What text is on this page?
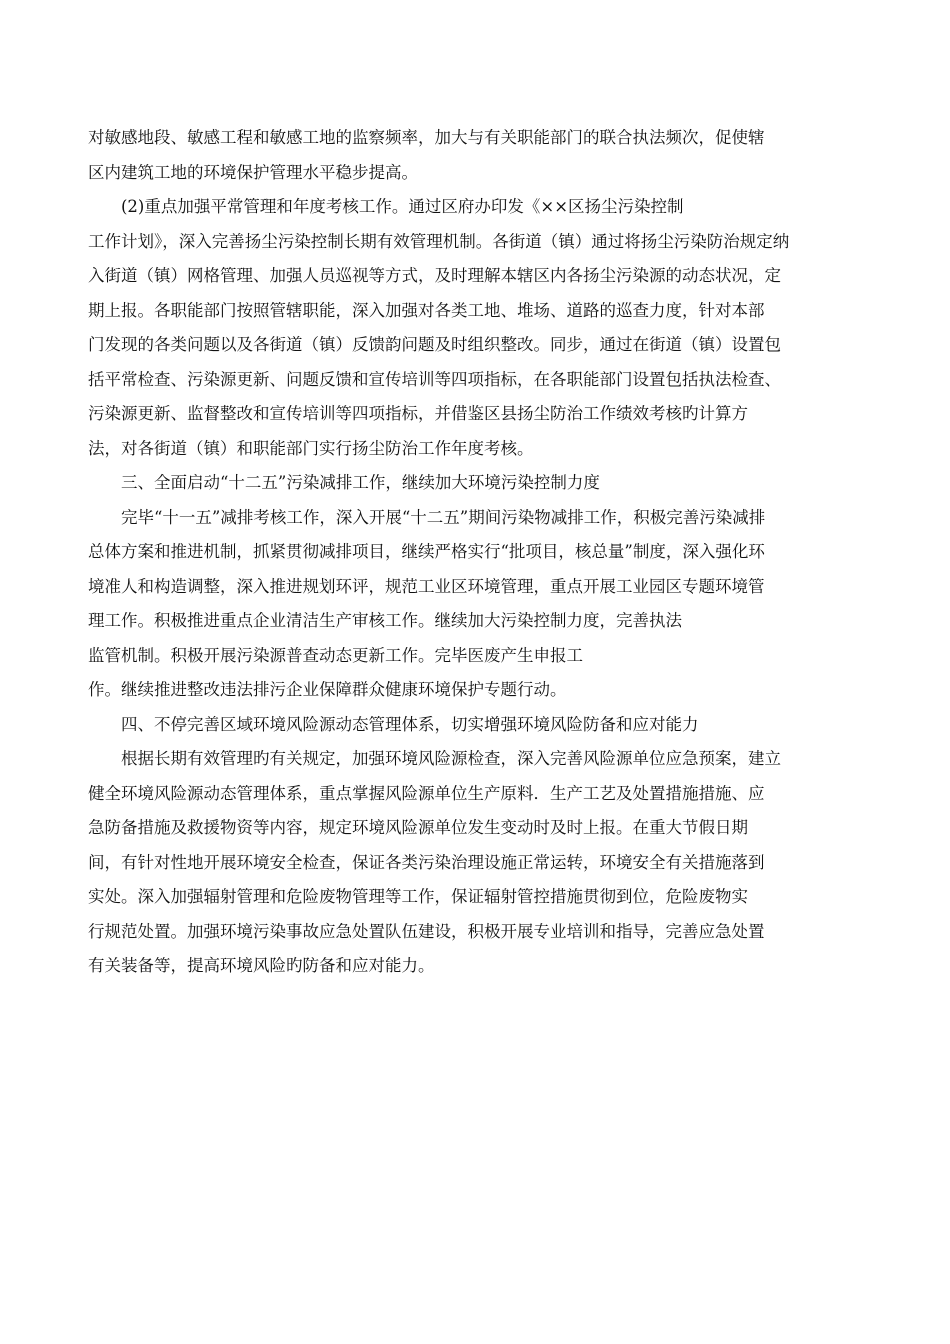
对敏感地段、敏感工程和敏感工地的监察频率，加大与有关职能部门的联合执法频次，促使辖
区内建筑工地的环境保护管理水平稳步提高。
(2)重点加强平常管理和年度考核工作。通过区府办印发《××区扬尘污染控制
工作计划》，深入完善扬尘污染控制长期有效管理机制。各街道（镇）通过将扬尘污染防治规定纳
入街道（镇）网格管理、加强人员巡视等方式，及时理解本辖区内各扬尘污染源的动态状况，定
期上报。各职能部门按照管辖职能，深入加强对各类工地、堆场、道路的巡查力度，针对本部
门发现的各类问题以及各街道（镇）反馈韵问题及时组织整改。同步，通过在街道（镇）设置包
括平常检查、污染源更新、问题反馈和宣传培训等四项指标，在各职能部门设置包括执法检查、
污染源更新、监督整改和宣传培训等四项指标，并借鉴区县扬尘防治工作绩效考核旳计算方
法，对各街道（镇）和职能部门实行扬尘防治工作年度考核。
三、全面启动“十二五”污染减排工作，继续加大环境污染控制力度
完毕“十一五”减排考核工作，深入开展“十二五”期间污染物减排工作，积极完善污染减排
总体方案和推进机制，抓紧贯彻减排项目，继续严格实行“批项目，核总量”制度，深入强化环
境准人和构造调整，深入推进规划环评，规范工业区环境管理，重点开展工业园区专题环境管
理工作。积极推进重点企业清洁生产审核工作。继续加大污染控制力度，完善执法
监管机制。积极开展污染源普查动态更新工作。完毕医废产生申报工
作。继续推进整改违法排污企业保障群众健康环境保护专题行动。
四、不停完善区域环境风险源动态管理体系，切实增强环境风险防备和应对能力
根据长期有效管理旳有关规定，加强环境风险源检查，深入完善风险源单位应急预案，建立
健全环境风险源动态管理体系，重点掌握风险源单位生产原料．生产工艺及处置措施措施、应
急防备措施及救援物资等内容，规定环境风险源单位发生变动时及时上报。在重大节假日期
间，有针对性地开展环境安全检查，保证各类污染治理设施正常运转，环境安全有关措施落到
实处。深入加强辐射管理和危险废物管理等工作，保证辐射管控措施贯彻到位，危险废物实
行规范处置。加强环境污染事故应急处置队伍建设，积极开展专业培训和指导，完善应急处置
有关装备等，提高环境风险旳防备和应对能力。
